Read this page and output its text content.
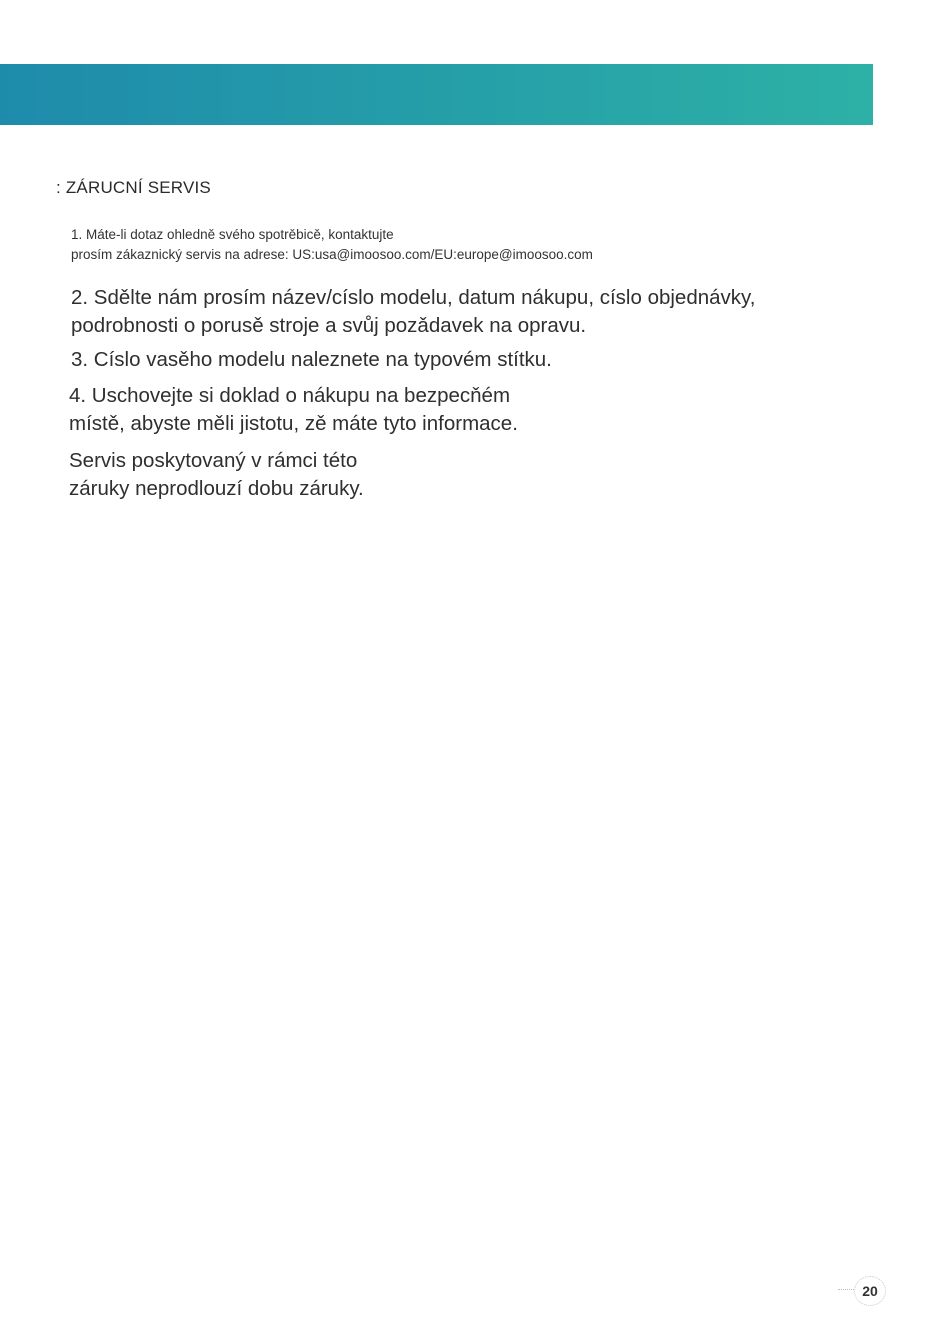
: ZÁRUCNÍ SERVIS
1. Máte-li dotaz ohledně svého spotrěbicě, kontaktujte
prosím zákaznický servis na adrese: US:usa@imoosoo.com/EU:europe@imoosoo.com
2. Sdělte nám prosím název/císlo modelu, datum nákupu, císlo objednávky,
podrobnosti o porusě stroje a svůj pozǎdavek na opravu.
3. Císlo vasěho modelu naleznete na typovém stítku.
4. Uschovejte si doklad o nákupu na bezpecňém
místě, abyste měli jistotu, zě máte tyto informace.
Servis poskytovaný v rámci této
záruky neprodlouzí dobu záruky.
20
